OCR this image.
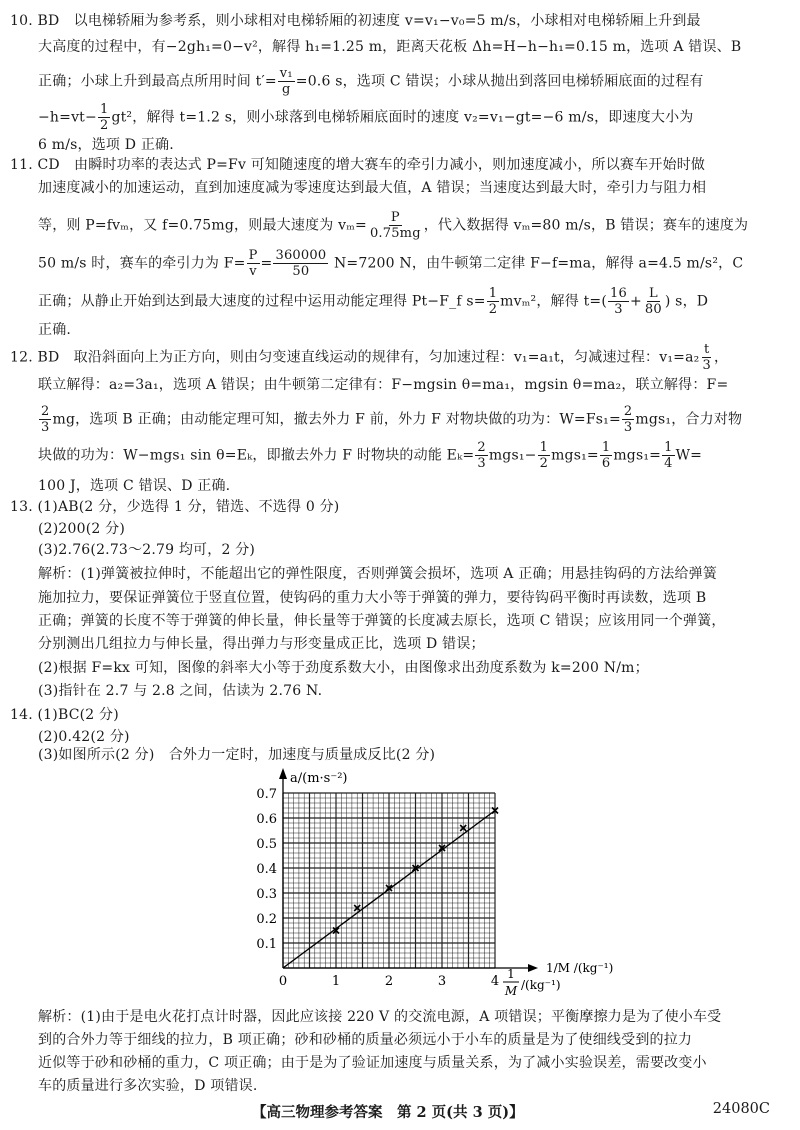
10. BD　以电梯轿厢为参考系，则小球相对电梯轿厢的初速度 v=v₁−v₀=5 m/s，小球相对电梯轿厢上升到最
大高度的过程中，有−2gh₁=0−v²，解得 h₁=1.25 m，距离天花板 Δh=H−h−h₁=0.15 m，选项 A 错误、B
正确；小球上升到最高点所用时间 $t'= \frac{\text{v₁}}{g} =0.6$ s，选项 C 错误；小球从抛出到落回电梯轿厢底面的过程有
$-h=vt- \frac{1}{2} gt^2$，解得 t=1.2 s，则小球落到电梯轿厢底面时的速度 v₂=v₁−gt=−6 m/s，即速度大小为
6 m/s，选项 D 正确.
11. CD　由瞬时功率的表达式 P=Fv 可知随速度的增大赛车的牵引力减小，则加速度减小，所以赛车开始时做
加速度减小的加速运动，直到加速度减为零速度达到最大值，A 错误；当速度达到最大时，牵引力与阻力相
等，则 P=fvₘ，又 f=0.75mg，则最大速度为 $v_m= \frac{P}{0.75mg}$ ，代入数据得 vₘ=80 m/s，B 错误；赛车的速度为
50 m/s 时，赛车的牵引力为 $F= \frac{P}{v} = \frac{360000}{50} N=7200$ N，由牛顿第二定律 F−f=ma，解得 a=4.5 m/s²，C
正确；从静止开始到达到最大速度的过程中运用动能定理得 Pt−F_f $s= \frac{1}{2} mv_m^2$，解得 $t=( \frac{16}{3} + \frac{L}{80}$ ) s，D
正确.
12. BD　取沿斜面向上为正方向，则由匀变速直线运动的规律有，匀加速过程：v₁=a₁t，匀减速过程：$v_1=a_2 \frac{t}{3}$ ，
联立解得：a₂=3a₁，选项 A 错误；由牛顿第二定律有：F−mgsin θ=ma₁，mgsin θ=ma₂，联立解得：F=
$\frac{2}{3}$ mg，选项 B 正确；由动能定理可知，撤去外力 F 前，外力 F 对物块做的功为：$W=Fs_1= \frac{2}{3} mgs_1$，合力对物
块做的功为：W−mgs₁ sin θ=Eₖ，即撤去外力 F 时物块的动能 $E_k= \frac{2}{3} mgs_1- \frac{1}{2} mgs_1= \frac{1}{6} mgs_1= \frac{1}{4} W=$
100 J，选项 C 错误、D 正确.
13. (1)AB(2 分，少选得 1 分，错选、不选得 0 分)
(2)200(2 分)
(3)2.76(2.73～2.79 均可，2 分)
解析：(1)弹簧被拉伸时，不能超出它的弹性限度，否则弹簧会损坏，选项 A 正确；用悬挂钩码的方法给弹簧
施加拉力，要保证弹簧位于竖直位置，使钩码的重力大小等于弹簧的弹力，要待钩码平衡时再读数，选项 B
正确；弹簧的长度不等于弹簧的伸长量，伸长量等于弹簧的长度减去原长，选项 C 错误；应该用同一个弹簧，
分别测出几组拉力与伸长量，得出弹力与形变量成正比，选项 D 错误；
(2)根据 F=kx 可知，图像的斜率大小等于劲度系数大小，由图像求出劲度系数为 k=200 N/m；
(3)指针在 2.7 与 2.8 之间，估读为 2.76 N.
14. (1)BC(2 分)
(2)0.42(2 分)
(3)如图所示(2 分)　合外力一定时，加速度与质量成反比(2 分)
解析：(1)由于是电火花打点计时器，因此应该接 220 V 的交流电源，A 项错误；平衡摩擦力是为了使小车受
到的合外力等于细线的拉力，B 项正确；砂和砂桶的质量必须远小于小车的质量是为了使细线受到的拉力
近似等于砂和砂桶的重力，C 项正确；由于是为了验证加速度与质量关系，为了减小实验误差，需要改变小
车的质量进行多次实验，D 项错误.
0	1	2	3	4
0.1
0.2
0.3
0.4
0.5
0.6
0.7
a/(m·s⁻²)
1
M /(kg⁻¹)
1/M /(kg⁻¹)
【高三物理参考答案　第 2 页(共 3 页)】	24080C
